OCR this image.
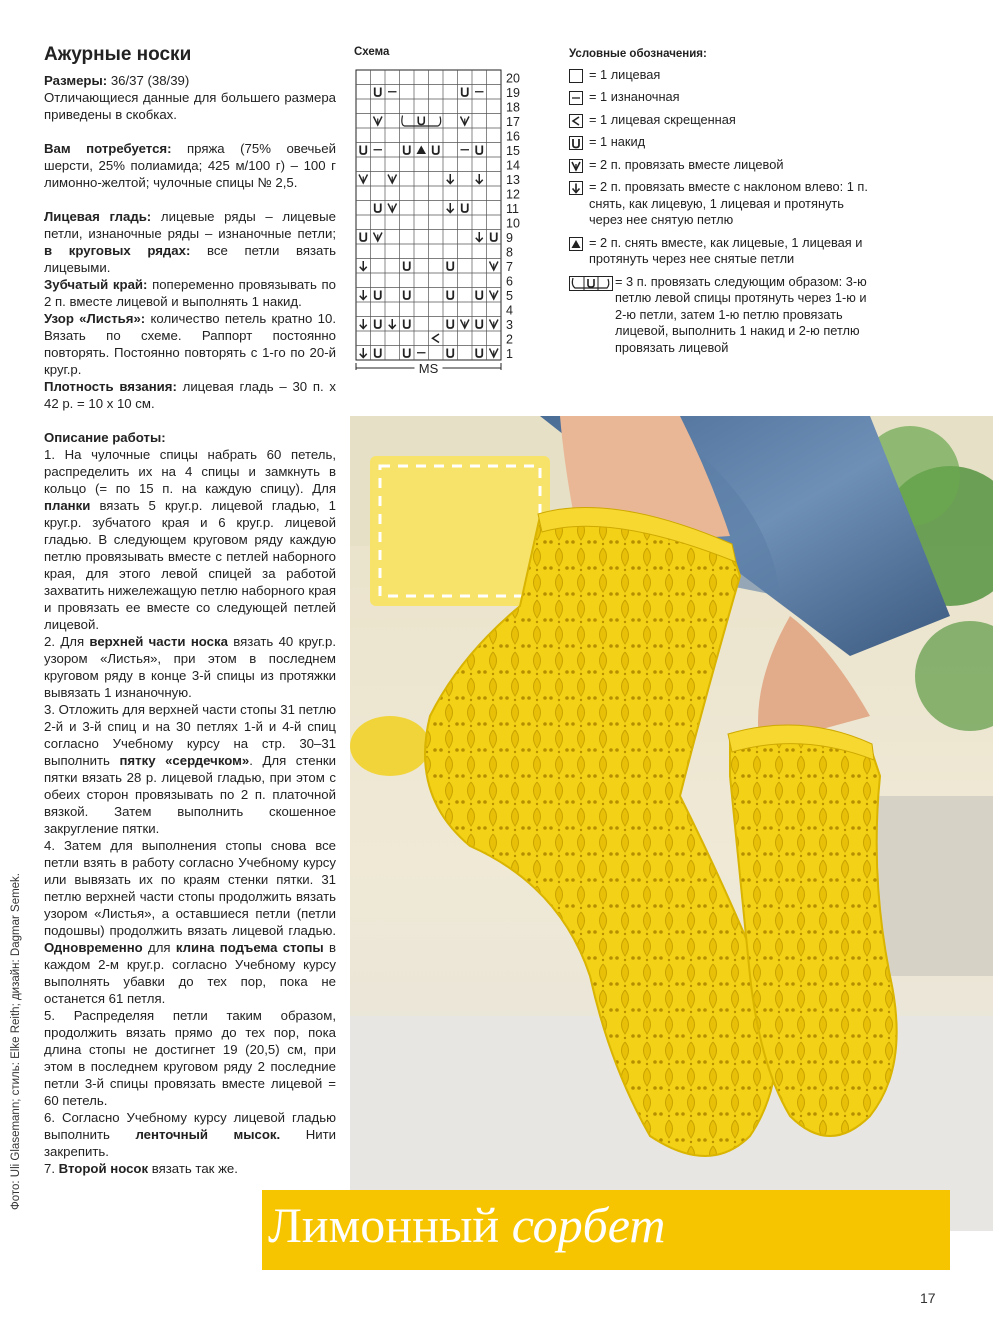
Ажурные носки

Размеры: 36/37 (38/39)

Отличающиеся данные для большего размера приведены в скобках.

Вам потребуется: пряжа (75% овечьей шерсти, 25% полиамида; 425 м/100 г) – 100 г лимонно-желтой; чулочные спицы № 2,5.

Лицевая гладь: лицевые ряды – лицевые петли, изнаночные ряды – изнаночные петли; в круговых рядах: все петли вязать лицевыми.

Зубчатый край: попеременно провязывать по 2 п. вместе лицевой и выполнять 1 накид.

Узор «Листья»: количество петель кратно 10. Вязать по схеме. Раппорт постоянно повторять. Постоянно повторять с 1-го по 20-й круг.р.

Плотность вязания: лицевая гладь – 30 п. х 42 р. = 10 х 10 см.

Описание работы:

1. На чулочные спицы набрать 60 петель, распределить их на 4 спицы и замкнуть в кольцо (= по 15 п. на каждую спицу). Для планки вязать 5 круг.р. лицевой гладью, 1 круг.р. зубчатого края и 6 круг.р. лицевой гладью. В следующем круговом ряду каждую петлю провязывать вместе с петлей наборного края, для этого левой спицей за работой захватить нижележащую петлю наборного края и провязать ее вместе со следующей петлей лицевой.

2. Для верхней части носка вязать 40 круг.р. узором «Листья», при этом в последнем круговом ряду в конце 3-й спицы из протяжки вывязать 1 изнаночную.

3. Отложить для верхней части стопы 31 петлю 2-й и 3-й спиц и на 30 петлях 1-й и 4-й спиц согласно Учебному курсу на стр. 30–31 выполнить пятку «сердечком». Для стенки пятки вязать 28 р. лицевой гладью, при этом с обеих сторон провязывать по 2 п. платочной вязкой. Затем выполнить скошенное закругление пятки.

4. Затем для выполнения стопы снова все петли взять в работу согласно Учебному курсу или вывязать их по краям стенки пятки. 31 петлю верхней части стопы продолжить вязать узором «Листья», а оставшиеся петли (петли подошвы) продолжить вязать лицевой гладью. Одновременно для клина подъема стопы в каждом 2-м круг.р. согласно Учебному курсу выполнять убавки до тех пор, пока не останется 61 петля.

5. Распределяя петли таким образом, продолжить вязать прямо до тех пор, пока длина стопы не достигнет 19 (20,5) см, при этом в последнем круговом ряду 2 последние петли 3-й спицы провязать вместе лицевой = 60 петель.

6. Согласно Учебному курсу лицевой гладью выполнить ленточный мысок. Нити закрепить.

7. Второй носок вязать так же.

Фото: Uli Glasemann; стиль: Elke Reith; дизайн: Dagmar Semek.
Схема
20
19
18
17
16
15
14
13
12
11
10
9
8
7
6
5
4
3
2
1
MS
Условные обозначения:
= 1 лицевая
= 1 изнаночная
= 1 лицевая скрещенная
= 1 накид
= 2 п. провязать вместе лицевой
= 2 п. провязать вместе с наклоном влево: 1 п. снять, как лицевую, 1 лицевая и протянуть через нее снятую петлю
= 2 п. снять вместе, как лицевые, 1 лицевая и протянуть через нее снятые петли
= 3 п. провязать следующим образом: 3-ю петлю левой спицы протянуть через 1-ю и 2-ю петли, затем 1-ю петлю провязать лицевой, выполнить 1 накид и 2-ю петлю провязать лицевой
Лимонный сорбет
17
